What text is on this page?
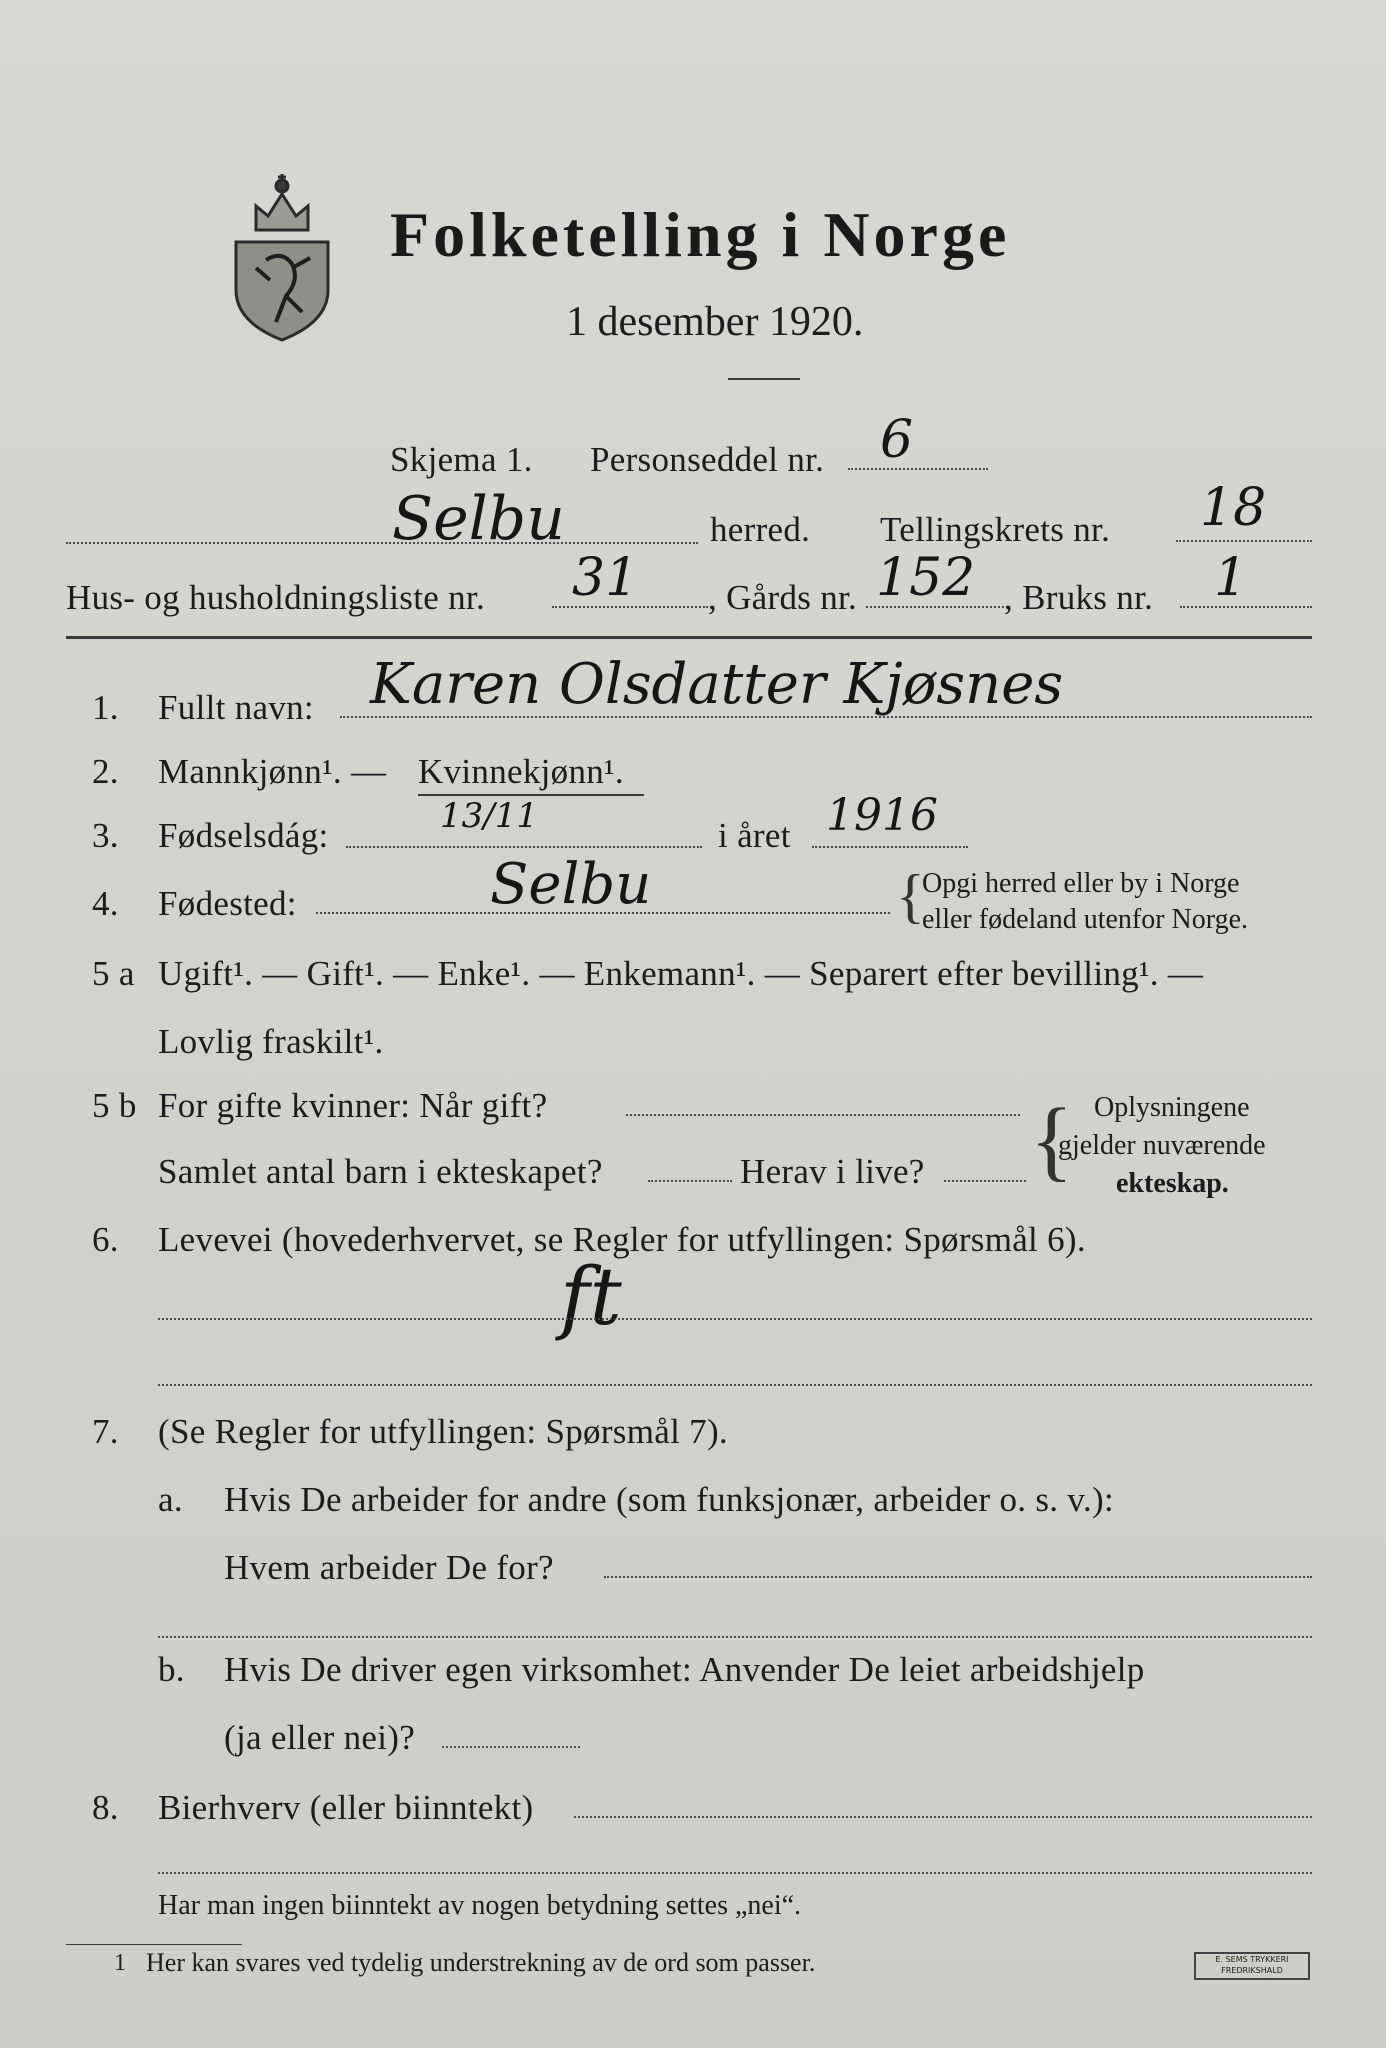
Folketelling i Norge
1 desember 1920.
Skjema 1. Personseddel nr. 6
Selbu	herred. Tellingskrets nr. 18
Hus- og husholdningsliste nr. 31 , Gårds nr. 152 , Bruks nr. 1
1. Fullt navn: Karen Olsdatter Kjøsnes
2. Mannkjønn¹. — Kvinnekjønn¹.
3. Fødselsdág:	13/11	i året 1916
4. Fødested:	Selbu	{
Opgi herred eller by i Norge
eller fødeland utenfor Norge.
5 a Ugift¹. — Gift¹. — Enke¹. — Enkemann¹. — Separert efter bevilling¹. —
Lovlig fraskilt¹.
5 b For gifte kvinner: Når gift?
Samlet antal barn i ekteskapet?	Herav i live? { Oplysningene
gjelder nuværende
ekteskap.
6. Levevei (hovederhvervet, se Regler for utfyllingen: Spørsmål 6).
ft
7. (Se Regler for utfyllingen: Spørsmål 7).
a. Hvis De arbeider for andre (som funksjonær, arbeider o. s. v.):
Hvem arbeider De for?
b. Hvis De driver egen virksomhet: Anvender De leiet arbeidshjelp
(ja eller nei)?
8. Bierhverv (eller biinntekt)
Har man ingen biinntekt av nogen betydning settes „nei“.
1 Her kan svares ved tydelig understrekning av de ord som passer.	E. SEMS TRYKKERI
FREDRIKSHALD
